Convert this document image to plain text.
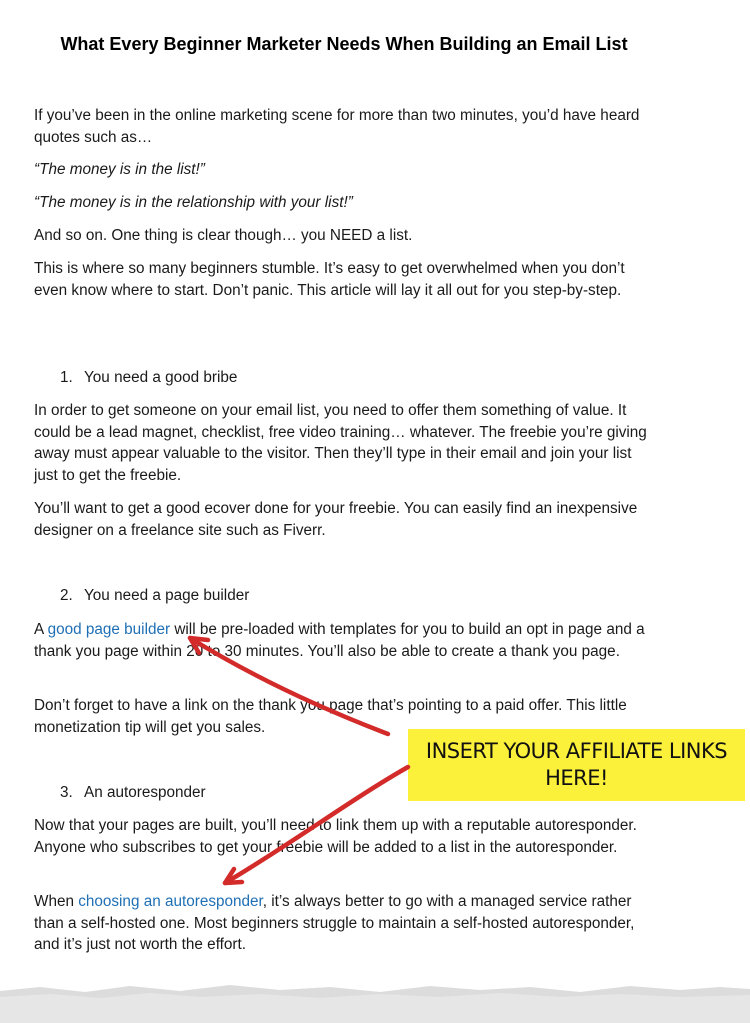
What Every Beginner Marketer Needs When Building an Email List

If you’ve been in the online marketing scene for more than two minutes, you’d have heard quotes such as…

“The money is in the list!”

“The money is in the relationship with your list!”

And so on. One thing is clear though… you NEED a list.

This is where so many beginners stumble. It’s easy to get overwhelmed when you don’t even know where to start. Don’t panic. This article will lay it all out for you step-by-step.

1. You need a good bribe

In order to get someone on your email list, you need to offer them something of value. It could be a lead magnet, checklist, free video training… whatever. The freebie you’re giving away must appear valuable to the visitor. Then they’ll type in their email and join your list just to get the freebie.

You’ll want to get a good ecover done for your freebie. You can easily find an inexpensive designer on a freelance site such as Fiverr.

2. You need a page builder

A good page builder will be pre-loaded with templates for you to build an opt in page and a thank you page within 20 to 30 minutes. You’ll also be able to create a thank you page.

Don’t forget to have a link on the thank you page that’s pointing to a paid offer. This little monetization tip will get you sales.

3. An autoresponder

Now that your pages are built, you’ll need to link them up with a reputable autoresponder. Anyone who subscribes to get your freebie will be added to a list in the autoresponder.

When choosing an autoresponder, it’s always better to go with a managed service rather than a self-hosted one. Most beginners struggle to maintain a self-hosted autoresponder, and it’s just not worth the effort.

INSERT YOUR AFFILIATE LINKS
HERE!
